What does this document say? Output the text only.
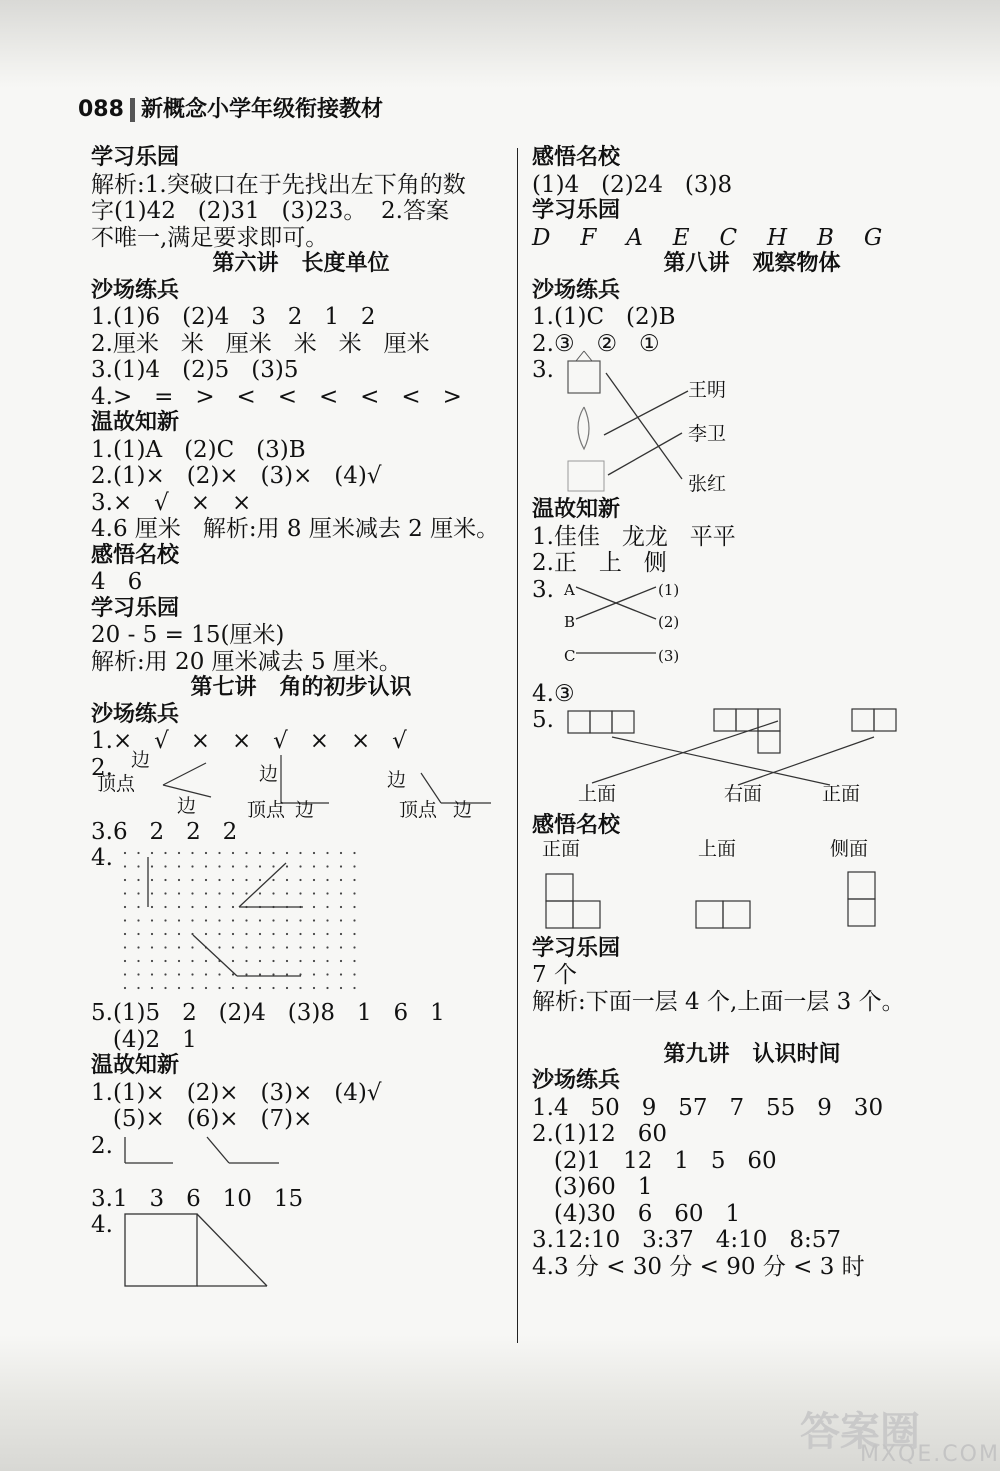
088 新概念小学年级衔接教材
学习乐园
解析:1.突破口在于先找出左下角的数
字(1)42   (2)31   (3)23。  2.答案
不唯一,满足要求即可。
第六讲   长度单位
沙场练兵
1.(1)6   (2)4   3   2   1   2
2.厘米   米   厘米   米   米   厘米
3.(1)4   (2)5   (3)5
4.>   =   >   <   <   <   <   <   >
温故知新
1.(1)A   (2)C   (3)B
2.(1)×   (2)×   (3)×   (4)√
3.×   √   ×   ×
4.6 厘米   解析:用 8 厘米减去 2 厘米。
感悟名校
4   6
学习乐园
20 - 5 = 15(厘米)
解析:用 20 厘米减去 5 厘米。
第七讲   角的初步认识
沙场练兵
1.×   √   ×   ×   √   ×   ×   √
2. 边
顶点
边
边
顶点 边
边
顶点 边
3.6   2   2   2
4.
5.(1)5   2   (2)4   (3)8   1   6   1
(4)2   1
温故知新
1.(1)×   (2)×   (3)×   (4)√
(5)×   (6)×   (7)×
2.
3.1   3   6   10   15
4.
感悟名校
(1)4   (2)24   (3)8
学习乐园
D   F   A   E   C   H   B   G
第八讲   观察物体
沙场练兵
1.(1)C   (2)B
2.③   ②   ①
3.
王明
李卫
张红
温故知新
1.佳佳   龙龙   平平
2.正   上   侧
3. A
B
C
(1)
(2)
(3)
4.③
5.
上面	右面	正面
感悟名校
正面	上面	侧面
学习乐园
7 个
解析:下面一层 4 个,上面一层 3 个。
第九讲   认识时间
沙场练兵
1.4   50   9   57   7   55   9   30
2.(1)12   60
(2)1   12   1   5   60
(3)60   1
(4)30   6   60   1
3.12:10   3:37   4:10   8:57
4.3 分 < 30 分 < 90 分 < 3 时
答案圈
MXQE.COM
